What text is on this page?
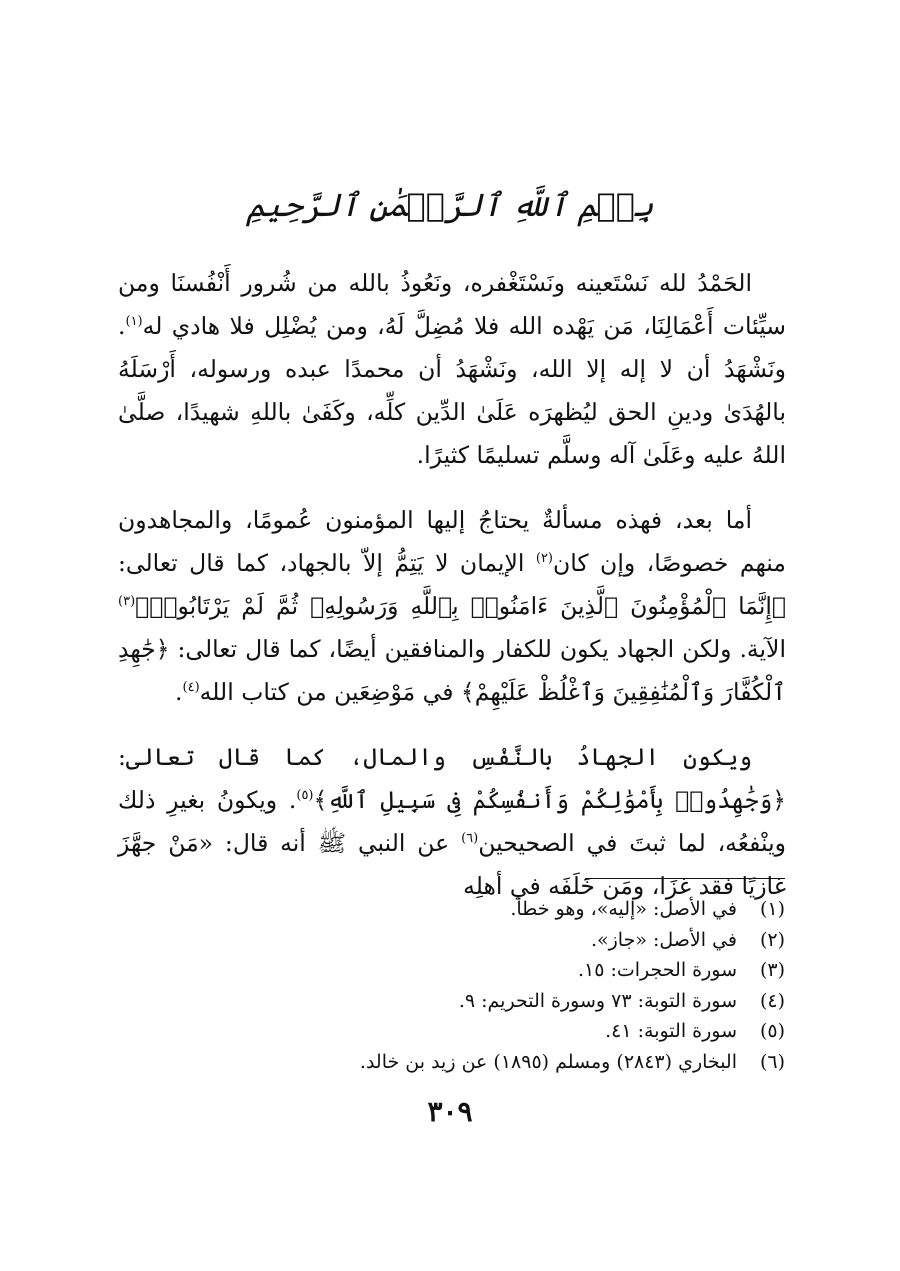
بِسۡمِ ٱللَّهِ ٱلرَّحۡمَٰنِ ٱلرَّحِيمِ

الحَمْدُ لله نَسْتَعينه ونَسْتَغْفره، ونَعُوذُ بالله من شُرور أَنْفُسنَا ومن سيِّئات أَعْمَالِنَا، مَن يَهْده الله فلا مُضِلَّ لَهُ، ومن يُضْلِل فلا هادي له$^{(١)}$. ونَشْهَدُ أن لا إله إلا الله، ونَشْهَدُ أن محمدًا عبده ورسوله، أَرْسَلَهُ بالهُدَىٰ ودينِ الحق ليُظهرَه عَلَىٰ الدِّين كلِّه، وكَفَىٰ باللهِ شهيدًا، صلَّىٰ اللهُ عليه وعَلَىٰ آله وسلَّم تسليمًا كثيرًا.

أما بعد، فهذه مسألةٌ يحتاجُ إليها المؤمنون عُمومًا، والمجاهدون منهم خصوصًا، وإن كان$^{(٢)}$ الإيمان لا يَتِمُّ إلاّ بالجهاد، كما قال تعالى: ﴿إِنَّمَا ٱلْمُؤْمِنُونَ ٱلَّذِينَ ءَامَنُوا۟ بِٱللَّهِ وَرَسُولِهِۦ ثُمَّ لَمْ يَرْتَابُوا۟﴾$^{(٣)}$ الآية. ولكن الجهاد يكون للكفار والمنافقين أيضًا، كما قال تعالى: ﴿جَٰهِدِ ٱلْكُفَّارَ وَٱلْمُنَٰفِقِينَ وَٱغْلُظْ عَلَيْهِمْ﴾ في مَوْضِعَين من كتاب الله$^{(٤)}$.

ويكون الجهادُ بالنَّفْسِ والمال، كما قال تعالى: ﴿وَجَٰهِدُوا۟ بِأَمْوَٰلِكُمْ وَأَنفُسِكُمْ فِى سَبِيلِ ٱللَّهِ﴾$^{(٥)}$. ويكونُ بغيرِ ذلك وينْفعُه، لما ثبتَ في الصحيحين$^{(٦)}$ عن النبي ﷺ أنه قال: «مَنْ جهَّزَ غازيًا فقد غزَا، ومَن خَلَفَه في أهلِه

(١)
في الأصل: «إليه»، وهو خطأ.
(٢)
في الأصل: «جاز».
(٣)
سورة الحجرات: ١٥.
(٤)
سورة التوبة: ٧٣ وسورة التحريم: ٩.
(٥)
سورة التوبة: ٤١.
(٦)
البخاري (٢٨٤٣) ومسلم (١٨٩٥) عن زيد بن خالد.
٣٠٩
